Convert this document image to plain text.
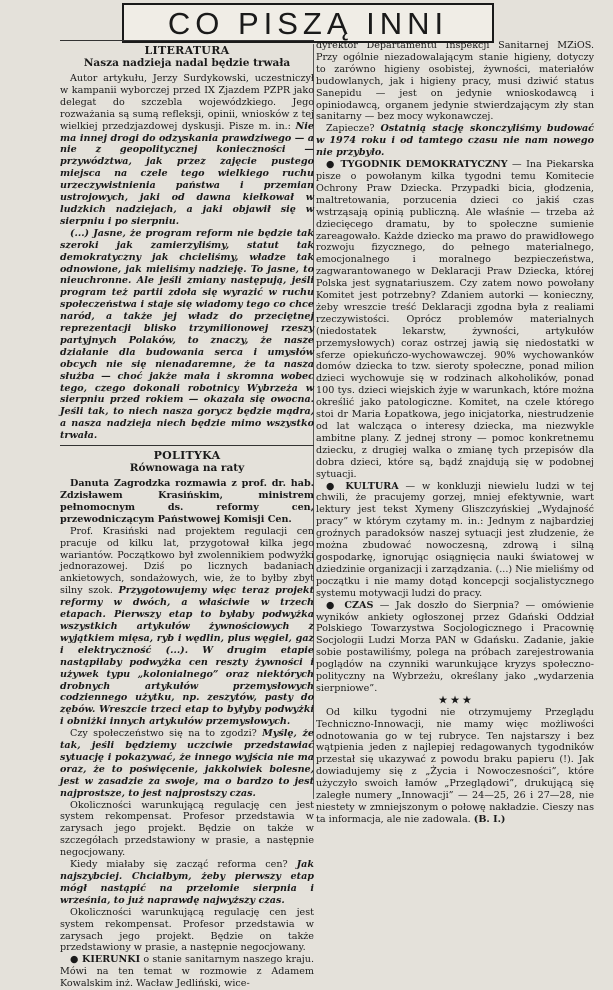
CO PISZĄ INNI
LITERATURA
Nasza nadzieja nadal będzie trwała

Autor artykułu, Jerzy Surdykowski, uczestniczył w kampanii wyborczej przed IX Zjazdem PZPR jako delegat do szczebla wojewódzkiego. Jego rozważania są sumą refleksji, opinii, wniosków z tej wielkiej przedzjazdowej dyskusji. Pisze m. in.: Nie ma innej drogi do odzyskania prawdziwego — a nie z geopolitycznej konieczności — przywództwa, jak przez zajęcie pustego miejsca na czele tego wielkiego ruchu urzeczywistnienia państwa i przemian ustrojowych, jaki od dawna kiełkował w ludzkich nadziejach, a jaki objawił się w sierpniu i po sierpniu.

(...) Jasne, że program reform nie będzie tak szeroki jak zamierzyliśmy, statut tak demokratyczny jak chcieliśmy, władze tak odnowione, jak mieliśmy nadzieję. To jasne, to nieuchronne. Ale jeśli zmiany następują, jeśli program też partii zdoła się wyrazić w ruchu społeczeństwa i staje się wiadomy tego co chce naród, a także jej władz do przeciętnej reprezentacji blisko trzymilionowej rzeszy partyjnych Polaków, to znaczy, że nasze działanie dla budowania serca i umysłów obcych nie się nienadaremne, że ta nasza służba — choć jakże mała i skromna wobec tego, czego dokonali robotnicy Wybrzeża w sierpniu przed rokiem — okazała się owocna. Jeśli tak, to niech nasza gorycz będzie mądra, a nasza nadzieja niech będzie mimo wszystko trwała.

POLITYKA
Równowaga na raty

Danuta Zagrodzka rozmawia z prof. dr. hab. Zdzisławem Krasińskim, ministrem pełnomocnym ds. reformy cen, przewodniczącym Państwowej Komisji Cen.

Prof. Krasiński nad projektem regulacji cen pracuje od kilku lat, przygotował kilka jego wariantów. Początkowo był zwolennikiem podwyżki jednorazowej. Dziś po licznych badaniach ankietowych, sondażowych, wie, że to byłby zbyt silny szok. Przygotowujemy więc teraz projekt reformy w dwóch, a właściwie w trzech etapach. Pierwszy etap to byłaby podwyżka wszystkich artykułów żywnościowych z wyjątkiem mięsa, ryb i wędlin, plus węgiel, gaz i elektryczność (...). W drugim etapie nastąpiłaby podwyżka cen reszty żywności i używek typu „kolonialnego” oraz niektórych drobnych artykułów przemysłowych codziennego użytku, np. zeszytów, pasty do zębów. Wreszcie trzeci etap to byłyby podwyżki i obniżki innych artykułów przemysłowych.

Czy społeczeństwo się na to zgodzi? Myślę, że tak, jeśli będziemy uczciwie przedstawiać sytuację i pokazywać, że innego wyjścia nie ma oraz, że to poświęcenie, jakkolwiek bolesne, jest w zasadzie za swoje, ma o bardzo to jest najprostsze, to jest najprostszy czas.

Okoliczności warunkującą regulację cen jest system rekompensat. Profesor przedstawia w zarysach jego projekt. Będzie on także w szczegółach przedstawiony w prasie, a następnie negocjowany.

Kiedy miałaby się zacząć reforma cen? Jak najszybciej. Chciałbym, żeby pierwszy etap mógł nastąpić na przełomie sierpnia i września, to już naprawdę najwyższy czas.

Okoliczności warunkującą regulację cen jest system rekompensat. Profesor przedstawia w zarysach jego projekt. Będzie on także przedstawiony w prasie, a następnie negocjowany.

● KIERUNKI o stanie sanitarnym naszego kraju. Mówi na ten temat w rozmowie z Adamem Kowalskim inż. Wacław Jedliński, wice-

dyrektor Departamentu Inspekcji Sanitarnej MZiOS. Przy ogólnie niezadowalającym stanie higieny, dotyczy to zarówno higieny osobistej, żywności, materiałów budowlanych, jak i higieny pracy, musi dziwić status Sanepidu — jest on jedynie wnioskodawcą i opiniodawcą, organem jedynie stwierdzającym zły stan sanitarny — bez mocy wykonawczej.

Zapiecze? Ostatnią stację skonczyliśmy budować w 1974 roku i od tamtego czasu nie nam nowego nie przybyło.

● TYGODNIK DEMOKRATYCZNY — Ina Piekarska pisze o powołanym kilka tygodni temu Komitecie Ochrony Praw Dziecka. Przypadki bicia, głodzenia, maltretowania, porzucenia dzieci co jakiś czas wstrząsają opinią publiczną. Ale właśnie — trzeba aż dziecięcego dramatu, by to społeczne sumienie zareagowało. Każde dziecko ma prawo do prawidłowego rozwoju fizycznego, do pełnego materialnego, emocjonalnego i moralnego bezpieczeństwa, zagwarantowanego w Deklaracji Praw Dziecka, której Polska jest sygnatariuszem. Czy zatem nowo powołany Komitet jest potrzebny? Zdaniem autorki — konieczny, żeby wreszcie treść Deklaracji zgodna była z realiami rzeczywistości. Oprócz problemów materialnych (niedostatek lekarstw, żywności, artykułów przemysłowych) coraz ostrzej jawią się niedostatki w sferze opiekuńczo-wychowawczej. 90% wychowanków domów dziecka to tzw. sieroty społeczne, ponad milion dzieci wychowuje się w rodzinach alkoholików, ponad 100 tys. dzieci wiejskich żyje w warunkach, które można określić jako patologiczne. Komitet, na czele którego stoi dr Maria Łopatkowa, jego inicjatorka, niestrudzenie od lat walcząca o interesy dziecka, ma niezwykle ambitne plany. Z jednej strony — pomoc konkretnemu dziecku, z drugiej walka o zmianę tych przepisów dla dobra dzieci, które są, bądź znajdują się w podobnej sytuacji.

● KULTURA — w konkluzji niewielu ludzi w tej chwili, że pracujemy gorzej, mniej efektywnie, wart lektury jest tekst Xymeny Gliszczyńskiej „Wydajność pracy” w którym czytamy m. in.: Jednym z najbardziej groźnych paradoksów naszej sytuacji jest złudzenie, że można zbudować nowoczesną, zdrową i silną gospodarkę, ignorując osiągnięcia nauki światowej w dziedzinie organizacji i zarządzania. (...) Nie mieliśmy od początku i nie mamy dotąd koncepcji socjalistycznego systemu motywacji ludzi do pracy.

● CZAS — Jak doszło do Sierpnia? — omówienie wyników ankiety ogłoszonej przez Gdański Oddział Polskiego Towarzystwa Socjologicznego i Pracownię Socjologii Ludzi Morza PAN w Gdańsku. Zadanie, jakie sobie postawiliśmy, polega na próbach zarejestrowania poglądów na czynniki warunkujące kryzys społeczno-polityczny na Wybrzeżu, określany jako „wydarzenia sierpniowe”.

★ ★ ★

Od kilku tygodni nie otrzymujemy Przeglądu Techniczno-Innowacji, nie mamy więc możliwości odnotowania go w tej rubryce. Ten najstarszy i bez wątpienia jeden z najlepiej redagowanych tygodników przestał się ukazywać z powodu braku papieru (!). Jak dowiadujemy się z „Życia i Nowoczesności”, które użyczyło swoich łamów „Przeglądowi”, drukującą się zaległe numery „Innowacji” — 24—25, 26 i 27—28, nie niestety w zmniejszonym o połowę nakładzie. Cieszy nas ta informacja, ale nie zadowala. (B. I.)
